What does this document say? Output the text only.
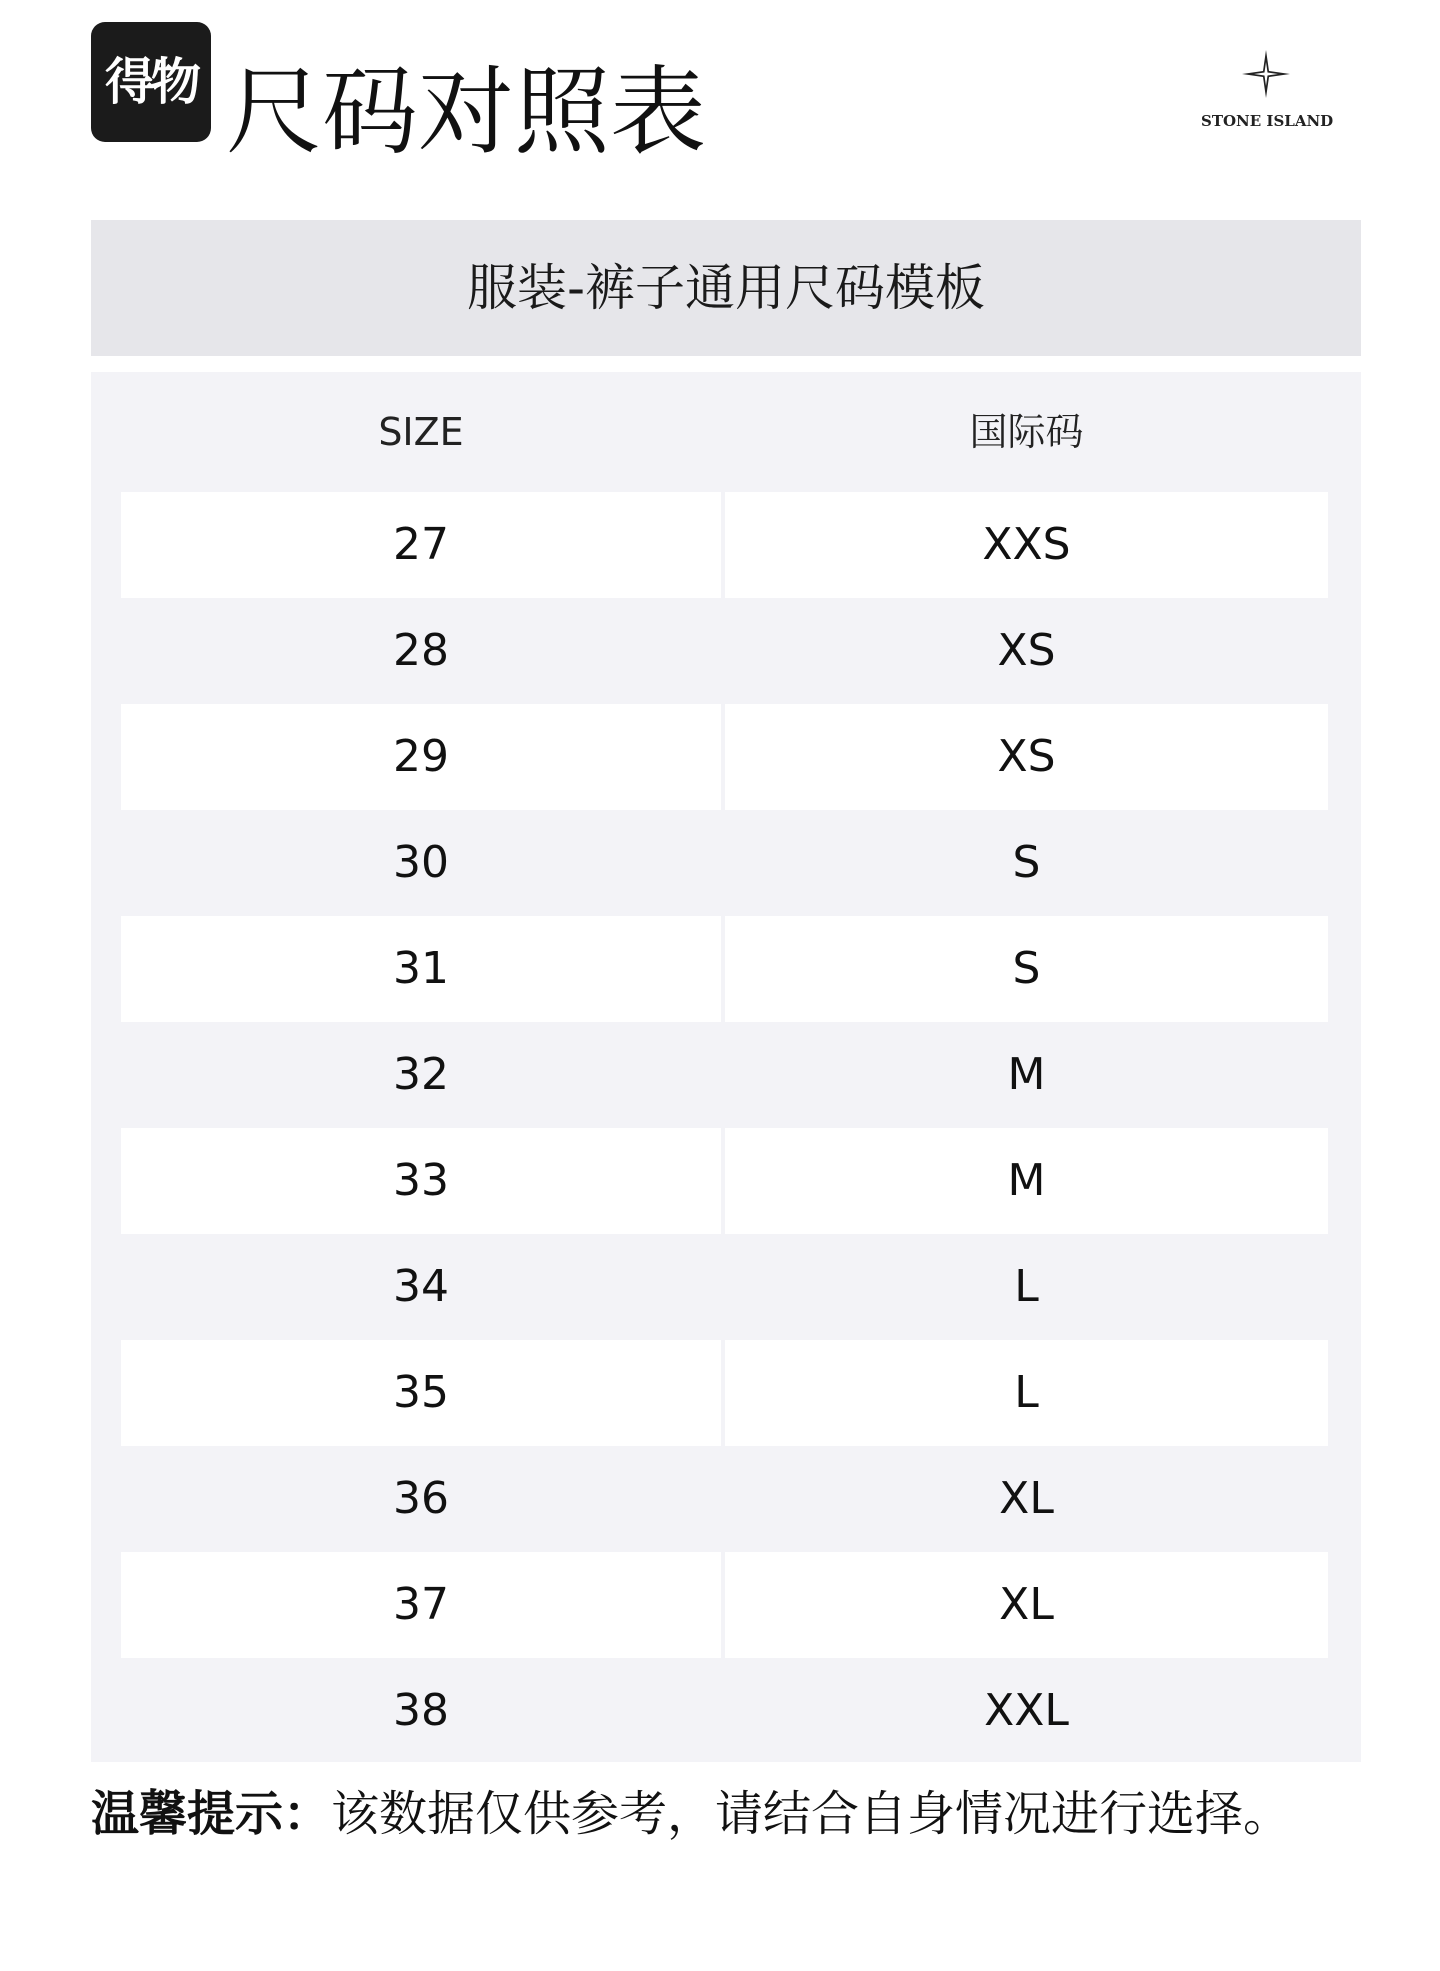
得物 尺码对照表	STONE ISLAND
服装-裤子通用尺码模板
SIZE	国际码
27	XXS
28	XS
29	XS
30	S
31	S
32	M
33	M
34	L
35	L
36	XL
37	XL
38	XXL
温馨提示：该数据仅供参考，请结合自身情况进行选择。
